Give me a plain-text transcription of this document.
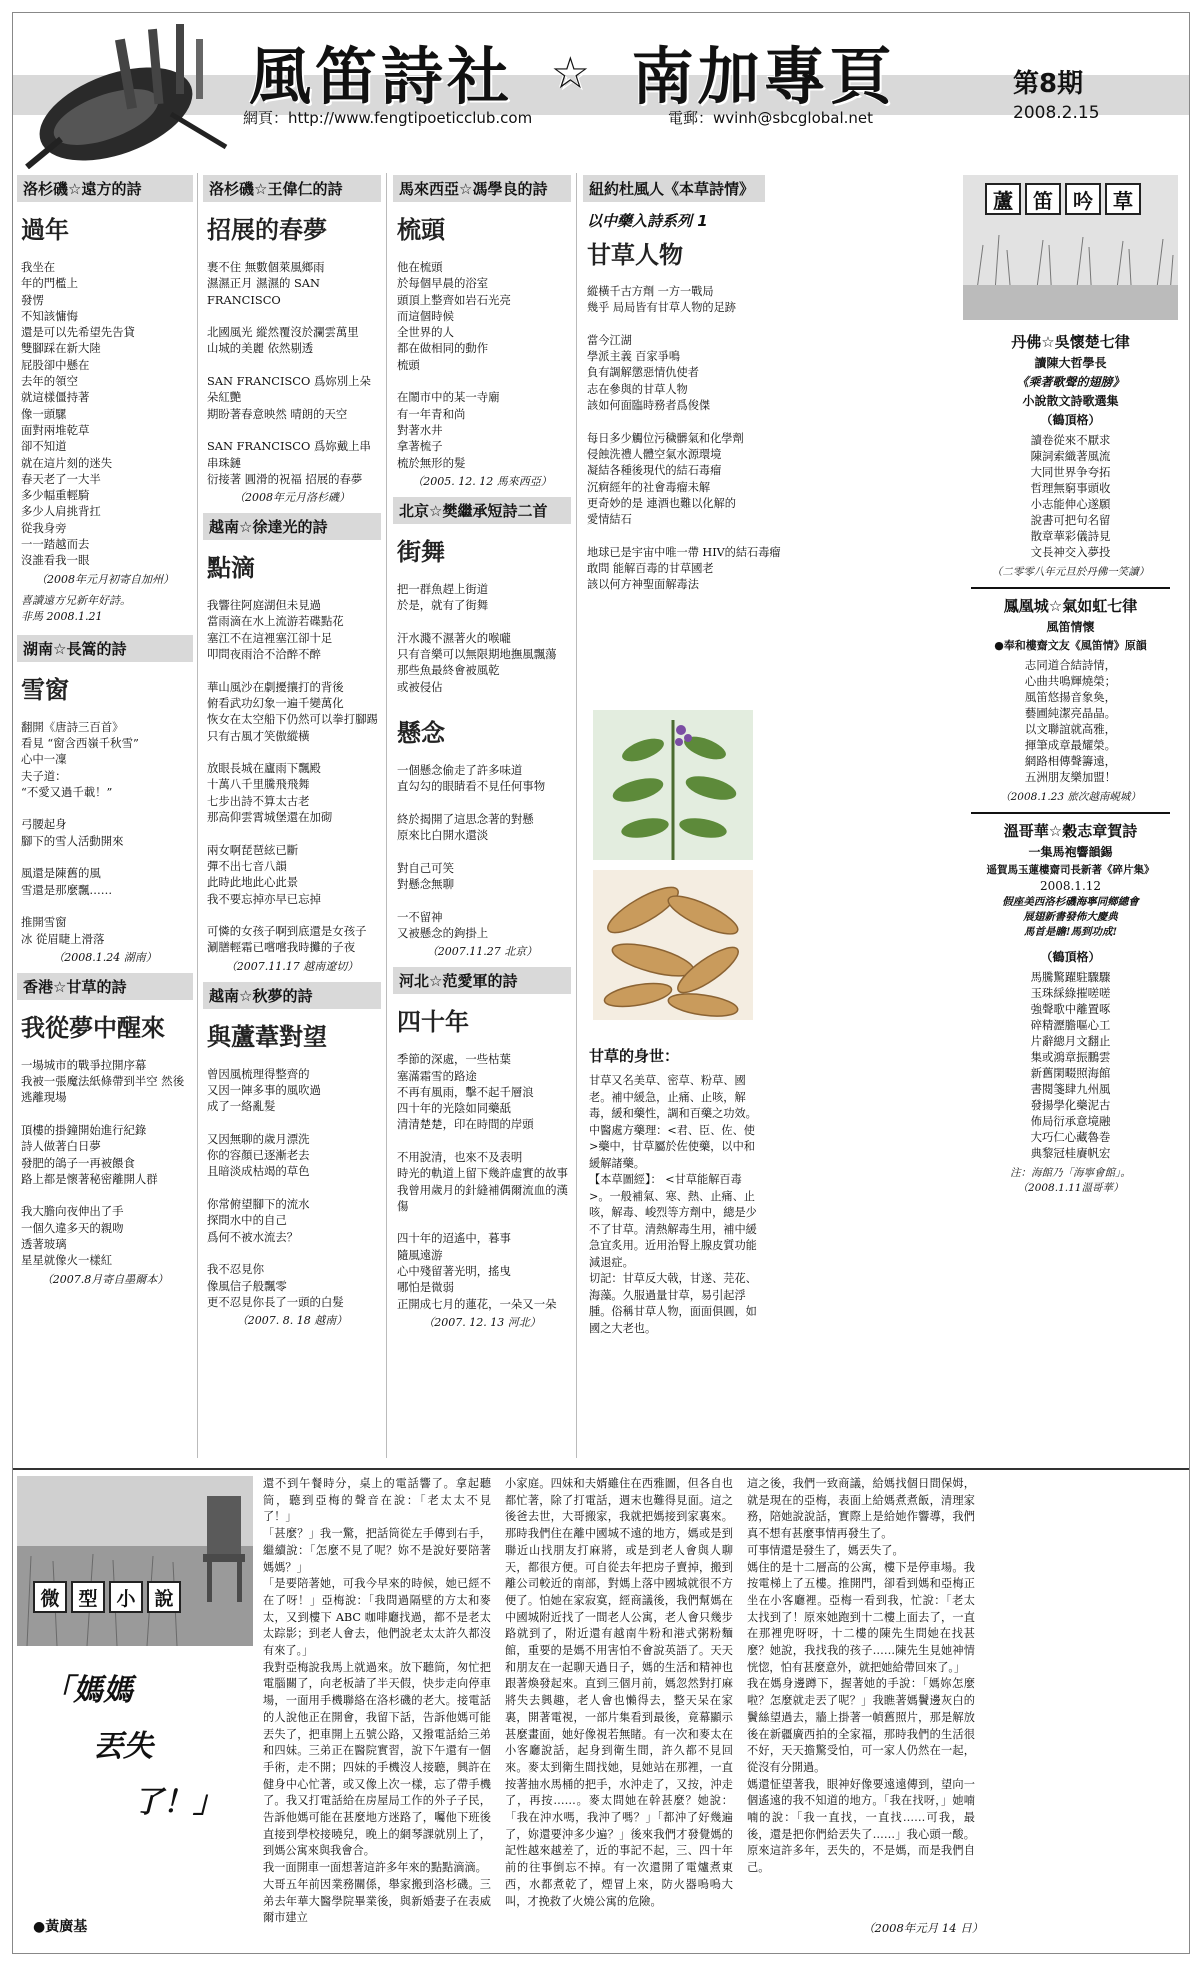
風笛詩社 ☆ 南加專頁
網頁：http://www.fengtipoeticclub.com	電郵：wvinh@sbcglobal.net
第8期
2008.2.15
洛杉磯☆遠方的詩
過年
我坐在
年的門檻上
發愣
不知該慵悔
還是可以先希望先告貸
雙腳踩在新大陸
屁股卻中懸在
去年的領空
就這樣僵持著
像一頭騾
面對兩堆乾草
卻不知道
就在這片刻的迷失
春天老了一大半
多少幅重輕騎
多少人肩挑背扛
從我身旁
一一踏越而去
沒誰看我一眼
（2008年元月初寄自加州）
喜讀遠方兄新年好詩。
非馬 2008.1.21
湖南☆長篙的詩
雪窗
翻開《唐詩三百首》
看見 “窗含西嶺千秋雪”
心中一凜
夫子道：
“不愛又過千載！”

弓腰起身
腳下的雪人活動開來

風還是陳舊的風
雪還是那麼飄……

推開雪窗
冰 從眉睫上滑落
（2008.1.24 湖南）
香港☆甘草的詩
我從夢中醒來
一場城市的戰爭拉開序幕
我被一張魔法紙條帶到半空 然後逃離現場

頂樓的掛鐘開始進行紀錄
詩人做著白日夢
發肥的鴿子一再被餵食
路上都是懷著秘密離開人群

我大膽向夜伸出了手
一個久違多天的親吻
透著玻璃
星星就像火一樣紅
（2007.8月寄自墨爾本）
洛杉磯☆王偉仁的詩
招展的春夢
裹不住 無數個萊風鄉雨
濕濕正月 濕濕的 SAN FRANCISCO

北國風光 縱然覆沒於瀾雲萬里
山城的美麗 依然剔透

SAN FRANCISCO 爲妳別上朵朵紅艷
期盼著春意映然 晴朗的天空

SAN FRANCISCO 爲妳戴上串串珠鏈
衍接著 圓滑的祝福 招展的春夢
（2008年元月洛杉磯）
越南☆徐達光的詩
點滴
我響往阿庭湖但未見過
當雨滴在水上流游若碟點花
塞江不在這裡塞江卻十足
叩問夜雨洽不洽醉不醉

華山風沙在劇擾攘打的背後
俯看武功幻象一遍千變萬化
恢女在太空船下仍然可以拳打腳踢
只有古風才笑傲縱橫

放眼長城在廬雨下飄殿
十萬八千里騰飛飛舞
七步出詩不算太古老
那高仰雲霄城堡還在加砌

兩女啊琵琶絃已斷
彈不出七音八韻
此時此地此心此景
我不要忘掉亦早已忘掉

可憐的女孩子啊到底還是女孩子
涮膳輕霜已嚐嚐我時攤的子夜
（2007.11.17 越南遼切）
越南☆秋夢的詩
與蘆葦對望
曾因風梳理得整齊的
又因一陣多事的風吹過
成了一絡亂髮

又因無聊的歲月漂洗
你的容顏已逐漸老去
且暗淡成枯竭的草色

你常俯望腳下的流水
探問水中的自己
爲何不被水流去？

我不忍見你
像風信子般飄零
更不忍見你長了一頭的白髮
（2007. 8. 18 越南）
馬來西亞☆馮學良的詩
梳頭
他在梳頭
於每個早晨的浴室
頭頂上整齊如岩石光亮
而這個時候
全世界的人
都在做相同的動作
梳頭

在鬧市中的某一寺廟
有一年青和尚
對著水井
拿著梳子
梳於無形的髮
（2005. 12. 12 馬來西亞）
北京☆樊繼承短詩二首
街舞
把一群魚趕上街道
於是，就有了街舞

汗水濺不濕著火的喉嚨
只有音樂可以無限期地撫風飄蕩
那些魚最終會被風乾
或被侵佔
懸念
一個懸念偷走了許多味道
直勾勾的眼睛看不見任何事物

終於揭開了這思念著的對懸
原來比白開水還淡

對自己可笑
對懸念無聊

一不留神
又被懸念的鉤掛上
（2007.11.27 北京）
河北☆范愛軍的詩
四十年
季節的深處，一些枯葉
塞滿霜雪的路途
不再有風雨，擊不起千層浪
四十年的光陰如同藥舐
清清楚楚，印在時間的岸頭

不用說清，也來不及表明
時光的軌道上留下幾許虛實的故事
我曾用歲月的針縫補偶爾流血的漢傷

四十年的迢遙中，暮事
隨風遠游
心中殘留著光明，搖曳
哪怕是微弱
正開成七月的蓮花，一朵又一朵
（2007. 12. 13 河北）
紐約杜風人《本草詩情》
以中藥入詩系列 1
甘草人物
縱橫千古方劑 一方一戰局
幾乎 局局皆有甘草人物的足跡

當今江湖
學派主義 百家爭鳴
負有調解懲惡情仇使者
志在參與的甘草人物
該如何面臨時務者爲俊傑

每日多少觸位污穢髒氣和化學劑
侵蝕洗禮人體空氣水源環境
凝結各種後現代的結石毒瘤
沉痾經年的社會毒瘤未解
更奇妙的是 連酒也難以化解的
愛情結石

地球已是宇宙中唯一帶 HIV的結石毒瘤
敢問 能解百毒的甘草國老
該以何方神聖面解毒法
甘草的身世：
甘草又名美草、密草、粉草、國老。補中緩急，止痛、止咳，解毒，緩和藥性，調和百藥之功效。
中醫處方藥理：<君、臣、佐、使>藥中，甘草屬於佐使藥，以中和緩解諸藥。
【本草圖經】： <甘草能解百毒>。一般補氣、寒、熱、止痛、止咳，解毒、峻烈等方劑中，總是少不了甘草。清熱解毒生用，補中緩急宜炙用。近用治腎上腺皮質功能減退症。
切記：甘草反大戟，甘遂、芫花、海藻。久服過量甘草，易引起浮腫。俗稱甘草人物，面面俱圓，如國之大老也。
蘆	笛	吟	草
丹佛☆吳懷楚七律
讀陳大哲學長
《乘著歌聲的翅膀》
小說散文詩歌選集
（鶴頂格）
讀卷從來不厭求
陳詞索織著風流
大同世界争夸拓
哲理無窮事頭收
小志能伸心遂願
說書可把句名留
散章華彩儀詩見
文長神交入夢投
（二零零八年元旦於丹佛一笑讀）
鳳凰城☆氣如虹七律
風笛情懷
●奉和樓齋文友《風笛情》原韻
志同道合結詩情，
心曲共鳴輝燒榮；
風笛悠揚音象奐，
藝圃純潔亮晶晶。
以文聯誼就高雅，
揮筆成章最耀榮。
網路相傳聲籌遠，
五洲朋友樂加盟！
（2008.1.23 旅次越南峴城）
溫哥華☆穀志章賀詩
一集馬袍響韻錫
遥賀馬玉蓮樓齋司長新著《碎片集》
2008.1.12
假座美西洛杉磯海寧同鄉總會
展翅新書發佈大慶典
馬首是瞻!馬到功成!
（鶴頂格）
馬騰驚躍駐驟驟
玉珠綵綠摧嗟嗟
強聲歌中離置啄
碎精瀝膽嘔心工
片辭總月文翻止
集或鴻章振鵬雲
新舊閑畷照海館
書閱箋肆九州風
發揚學化藥泥古
佈局衍承意境融
大巧仁心藏魯巻
典黎冠桂賡帆宏
注：海館乃「海寧會館」。
（2008.1.11溫哥華）
微 型 小 說
「媽媽
丟失
了！」
●黃廣基
還不到午餐時分，桌上的電話響了。拿起聽筒，聽到亞梅的聲音在說：「老太太不見了！」
「甚麼？」我一驚，把話筒從左手傳到右手，繼續說：「怎麼不見了呢？妳不是說好要陪著媽媽？」
「是要陪著她，可我今早來的時候，她已經不在了呀！」亞梅說：「我問過隔壁的方太和麥太，又到樓下 ABC 咖啡廳找過，都不是老太太踪影；到老人會去，他們說老太太許久都沒有來了。」
我對亞梅說我馬上就過來。放下聽筒，匆忙把電腦關了，向老板請了半天假，快步走向停車場，一面用手機聯絡在洛杉磯的老大。接電話的人說他正在開會，我留下話，告訴他媽可能丟失了，把車開上五號公路，又撥電話給三弟和四妹。三弟正在醫院實習，說下午還有一個手術，走不開；四妹的手機沒人接聽，興許在健身中心忙著，或又像上次一樣，忘了帶手機了。我又打電話給在房屋局工作的外子子民，告訴他媽可能在甚麼地方迷路了，囑他下班後直接到學校接曉兒，晚上的網琴課就別上了，到媽公寓來與我會合。
我一面開車一面想著這許多年來的點點滴滴。
大哥五年前因業務關係，舉家搬到洛杉磯。三弟去年華大醫學院畢業後，與新婚妻子在表威爾市建立
小家庭。四妹和夫婿雖住在西雅圖，但各自也都忙著，除了打電話，週末也難得見面。這之後爸去世，大哥搬家，我就把媽接到家裏來。那時我們住在離中國城不遠的地方，媽或是到聯近山找朋友打麻將，或是到老人會與人聊天，都很方便。可自從去年把房子賣掉，搬到離公司較近的南部，對媽上落中國城就很不方便了。怕她在家寂寞，經商議後，我們幫媽在中國城附近找了一間老人公寓，老人會只幾步路就到了，附近還有越南牛粉和港式粥粉麵館，重要的是媽不用害怕不會說英語了。天天和朋友在一起聊天過日子，媽的生活和精神也跟著煥發起來。直到三個月前，媽忽然對打麻將失去興趣，老人會也懶得去，整天呆在家裏，開著電視，一部片集看到最後，竟幕顯示甚麼畫面，她好像視若無睹。有一次和麥太在小客廳說話，起身到衛生間，許久都不見回來。麥太到衛生間找她，見她站在那裡，一直按著抽水馬桶的把手，水沖走了，又按，沖走了，再按……。麥太問她在幹甚麼？她說：「我在沖水嗎，我沖了嗎？」「都沖了好幾遍了，妳還要沖多少遍？」後來我們才發覺媽的記性越來越差了，近的事記不起，三、四十年前的往事倒忘不掉。有一次還開了電爐煮東西，水都煮乾了，煙冒上來，防火器嗚嗚大叫，才挽救了火燒公寓的危險。
這之後，我們一致商議，給媽找個日間保姆，就是現在的亞梅，表面上給媽煮煮飯，清理家務，陪她說說話，實際上是給她作響導，我們真不想有甚麼事情再發生了。
可事情還是發生了，媽丟失了。
媽住的是十二層高的公寓，樓下是停車場。我按電梯上了五樓。推開門，卻看到媽和亞梅正坐在小客廳裡。亞梅一看到我，忙說：「老太太找到了！原來她跑到十二樓上面去了，一直在那裡兜呀呀，十二樓的陳先生問她在找甚麼？她說，我找我的孩子……陳先生見她神情恍惚，怕有甚麼意外，就把她給帶回來了。」
我在媽身邊蹲下，握著她的手說：「媽妳怎麼啦？怎麼就走丟了呢？」我瞧著媽鬢邊灰白的鬢絲望過去，牆上掛著一幀舊照片，那是解放後在新疆廣西拍的全家福，那時我們的生活很不好，天天擔驚受怕，可一家人仍然在一起，從沒有分開過。
媽還怔望著我，眼神好像要遠遠傳到，望向一個遙遠的我不知道的地方。「我在找呀，」她喃喃的說：「我一直找，一直找……可我，最後，還是把你們給丟失了……」我心頭一酸。原來這許多年，丟失的，不是媽，而是我們自己。
（2008年元月 14 日）
